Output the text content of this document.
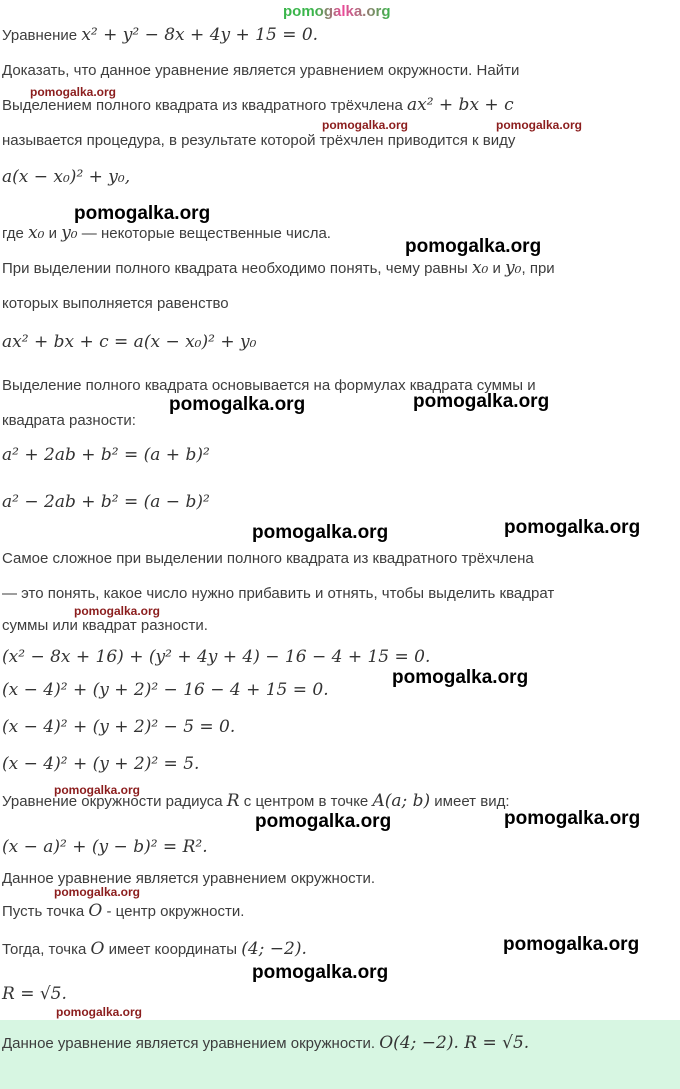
pomogalka.org
pomogalka.org
pomogalka.org	pomogalka.org
pomogalka.org
pomogalka.org
pomogalka.org	pomogalka.org
pomogalka.org	pomogalka.org
pomogalka.org
pomogalka.org
pomogalka.org
pomogalka.org	pomogalka.org
pomogalka.org
pomogalka.org
pomogalka.org
pomogalka.org

Уравнение x² + y² − 8x + 4y + 15 = 0.

Доказать, что данное уравнение является уравнением окружности. Найти

Выделением полного квадрата из квадратного трёхчлена ax² + bx + c

называется процедура, в результате которой трёхчлен приводится к виду

a(x − x₀)² + y₀,

где x₀ и y₀ — некоторые вещественные числа.

При выделении полного квадрата необходимо понять, чему равны x₀ и y₀, при

которых выполняется равенство

ax² + bx + c = a(x − x₀)² + y₀

Выделение полного квадрата основывается на формулах квадрата суммы и

квадрата разности:

a² + 2ab + b² = (a + b)²

a² − 2ab + b² = (a − b)²

Самое сложное при выделении полного квадрата из квадратного трёхчлена

— это понять, какое число нужно прибавить и отнять, чтобы выделить квадрат

суммы или квадрат разности.

(x² − 8x + 16) + (y² + 4y + 4) − 16 − 4 + 15 = 0.

(x − 4)² + (y + 2)² − 16 − 4 + 15 = 0.

(x − 4)² + (y + 2)² − 5 = 0.

(x − 4)² + (y + 2)² = 5.

Уравнение окружности радиуса R с центром в точке A(a; b) имеет вид:

(x − a)² + (y − b)² = R².

Данное уравнение является уравнением окружности.

Пусть точка O - центр окружности.

Тогда, точка O имеет координаты (4; −2).

R = √5.

Данное уравнение является уравнением окружности. O(4; −2). R = √5.
